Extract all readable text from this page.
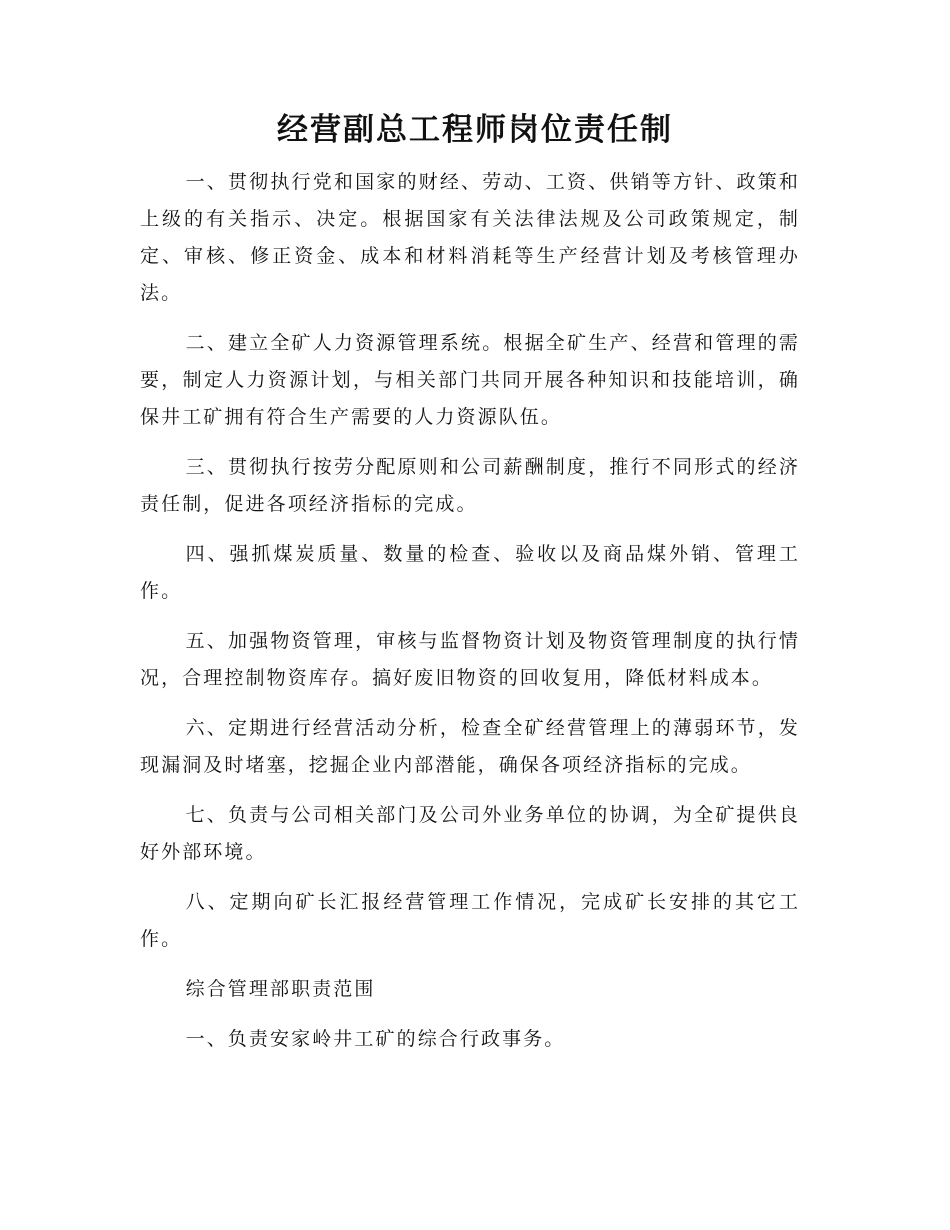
经营副总工程师岗位责任制

一、贯彻执行党和国家的财经、劳动、工资、供销等方针、政策和上级的有关指示、决定。根据国家有关法律法规及公司政策规定，制定、审核、修正资金、成本和材料消耗等生产经营计划及考核管理办法。

二、建立全矿人力资源管理系统。根据全矿生产、经营和管理的需要，制定人力资源计划，与相关部门共同开展各种知识和技能培训，确保井工矿拥有符合生产需要的人力资源队伍。

三、贯彻执行按劳分配原则和公司薪酬制度，推行不同形式的经济责任制，促进各项经济指标的完成。

四、强抓煤炭质量、数量的检查、验收以及商品煤外销、管理工作。

五、加强物资管理，审核与监督物资计划及物资管理制度的执行情况，合理控制物资库存。搞好废旧物资的回收复用，降低材料成本。

六、定期进行经营活动分析，检查全矿经营管理上的薄弱环节，发现漏洞及时堵塞，挖掘企业内部潜能，确保各项经济指标的完成。

七、负责与公司相关部门及公司外业务单位的协调，为全矿提供良好外部环境。

八、定期向矿长汇报经营管理工作情况，完成矿长安排的其它工作。

综合管理部职责范围

一、负责安家岭井工矿的综合行政事务。
